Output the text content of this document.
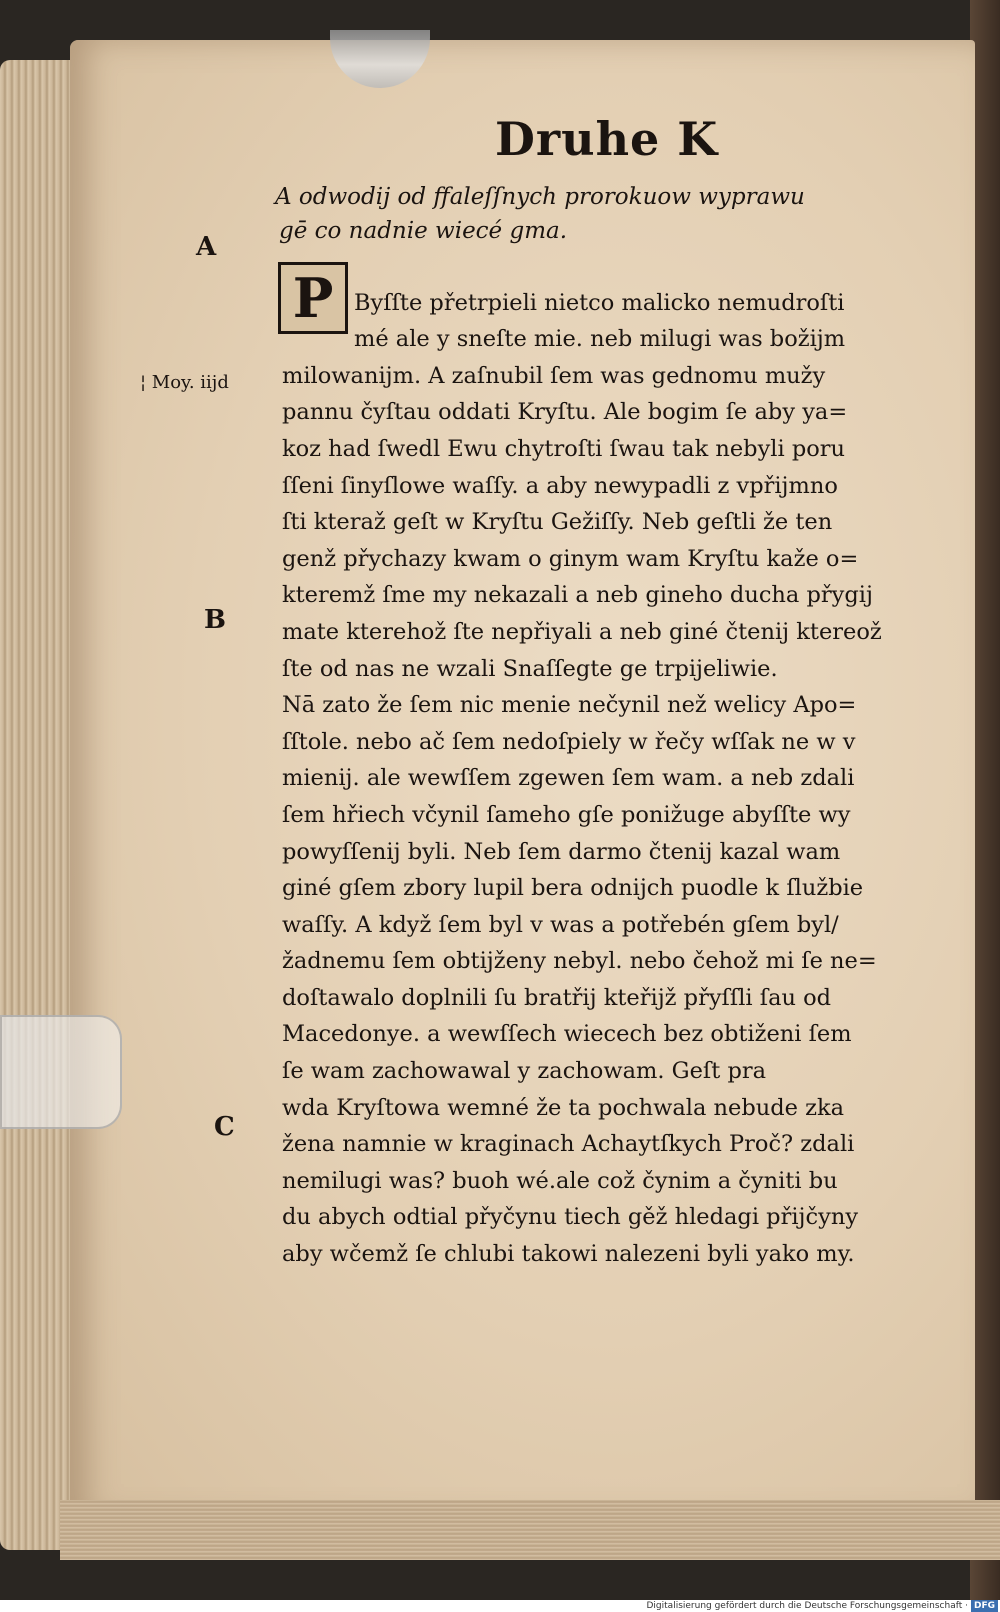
Druhe K
A odwodij od ffaleſſnych prorokuow wyprawu
gē co nadnie wiecé gma.
P Byſſte přetrpieli nietco malicko nemudroſti
mé ale y sneſte mie. neb milugi was božijm
milowanijm. A zaſnubil ſem was gednomu mužy
pannu čyſtau oddati Kryſtu. Ale bogim ſe aby ya=
koz had ſwedl Ewu chytroſti ſwau tak nebyli poru
ſſeni ſinyſlowe waſſy. a aby newypadli z vpřijmno
ſti kteraž geſt w Kryſtu Gežiſſy. Neb geſtli že ten
genž přychazy kwam o ginym wam Kryſtu kaže o=
kteremž ſme my nekazali a neb gineho ducha přygij
mate kterehož ſte nepřiyali a neb giné čtenij ktereož
ſte od nas ne wzali Snaſſegte ge trpijeliwie.
Nā zato že ſem nic menie nečynil než welicy Apo=
ſſtole. nebo ač ſem nedoſpiely w řečy wſſak ne w v
mienij. ale wewſſem zgewen ſem wam. a neb zdali
ſem hřiech včynil ſameho gſe ponižuge abyſſte wy
powyſſenij byli. Neb ſem darmo čtenij kazal wam
giné gſem zbory lupil bera odnijch puodle k ſlužbie
waſſy. A když ſem byl v was a potřebén gſem byl/
žadnemu ſem obtijženy nebyl. nebo čehož mi ſe ne=
doſtawalo doplnili ſu bratřij kteřijž přyſſli ſau od
Macedonye. a wewſſech wiecech bez obtiženi ſem
ſe wam zachowawal y zachowam. Geſt pra
wda Kryſtowa wemné že ta pochwala nebude zka
žena namnie w kraginach Achaytſkych Proč? zdali
nemilugi was? buoh wé.ale což čynim a čyniti bu
du abych odtial přyčynu tiech gěž hledagi přijčyny
aby wčemž ſe chlubi takowi nalezeni byli yako my.
A
¦ Moy. iijd
B
C
Digitalisierung gefördert durch die Deutsche Forschungsgemeinschaft · DFG
